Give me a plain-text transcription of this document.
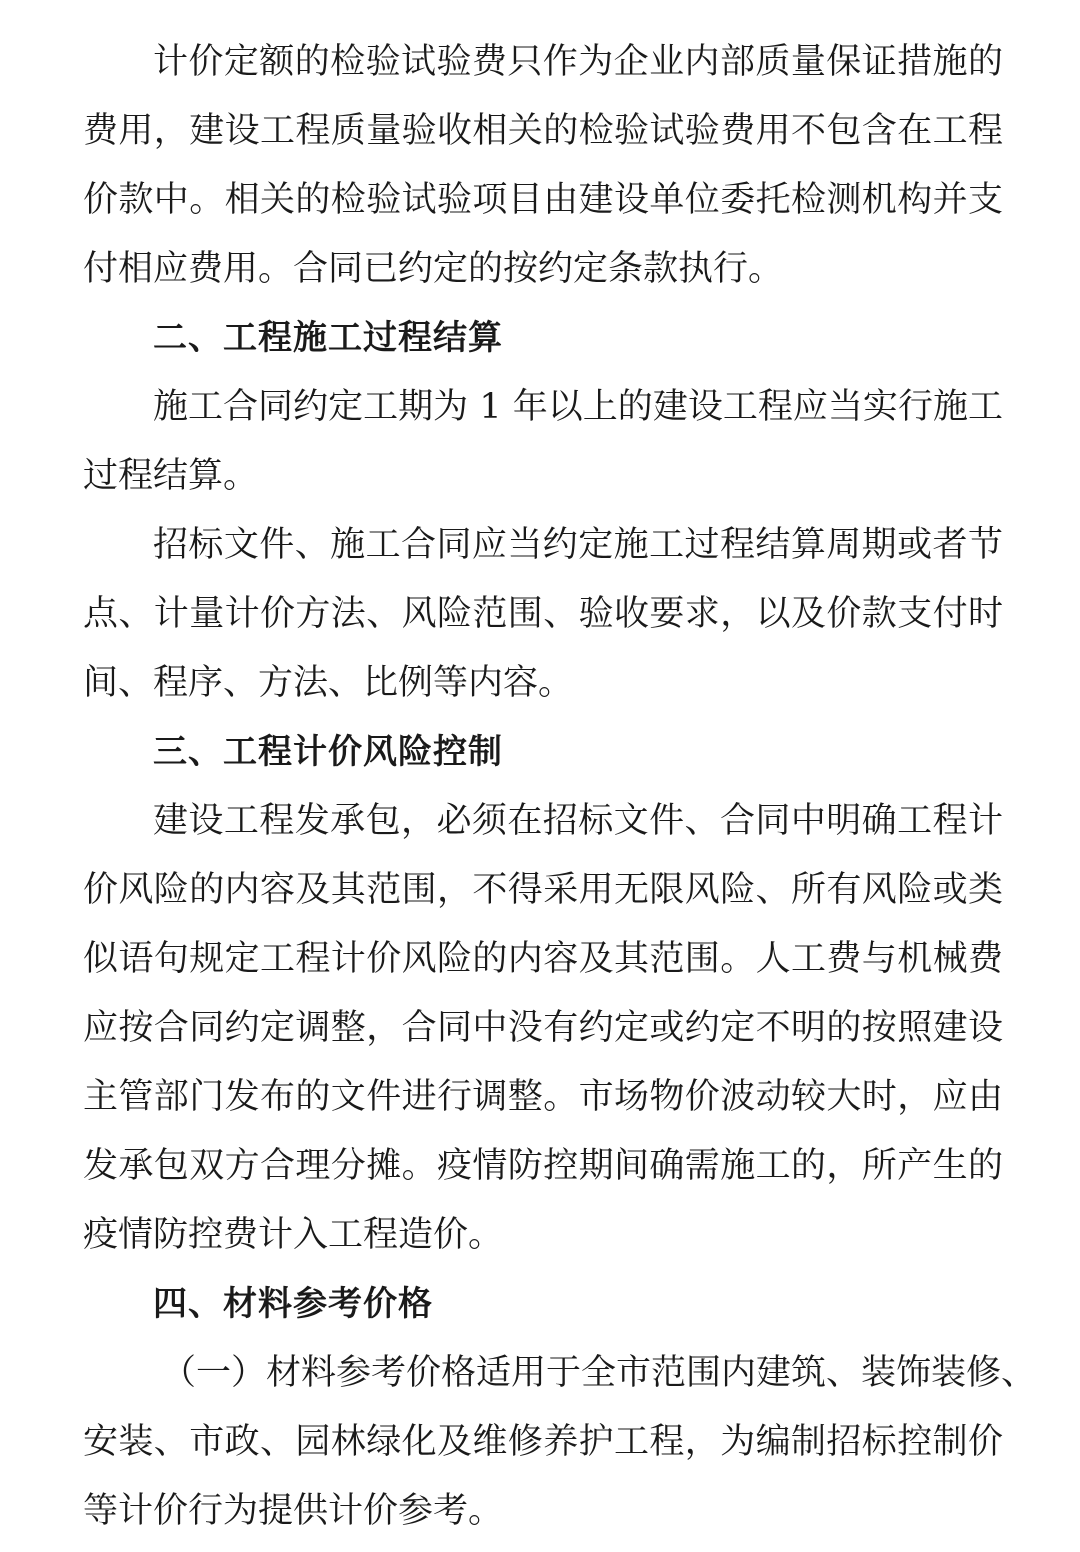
计价定额的检验试验费只作为企业内部质量保证措施的
费用，建设工程质量验收相关的检验试验费用不包含在工程
价款中。相关的检验试验项目由建设单位委托检测机构并支
付相应费用。合同已约定的按约定条款执行。
二、工程施工过程结算
施工合同约定工期为 1 年以上的建设工程应当实行施工
过程结算。
招标文件、施工合同应当约定施工过程结算周期或者节
点、计量计价方法、风险范围、验收要求，以及价款支付时
间、程序、方法、比例等内容。
三、工程计价风险控制
建设工程发承包，必须在招标文件、合同中明确工程计
价风险的内容及其范围，不得采用无限风险、所有风险或类
似语句规定工程计价风险的内容及其范围。人工费与机械费
应按合同约定调整，合同中没有约定或约定不明的按照建设
主管部门发布的文件进行调整。市场物价波动较大时，应由
发承包双方合理分摊。疫情防控期间确需施工的，所产生的
疫情防控费计入工程造价。
四、材料参考价格
（一）材料参考价格适用于全市范围内建筑、装饰装修、
安装、市政、园林绿化及维修养护工程，为编制招标控制价
等计价行为提供计价参考。
